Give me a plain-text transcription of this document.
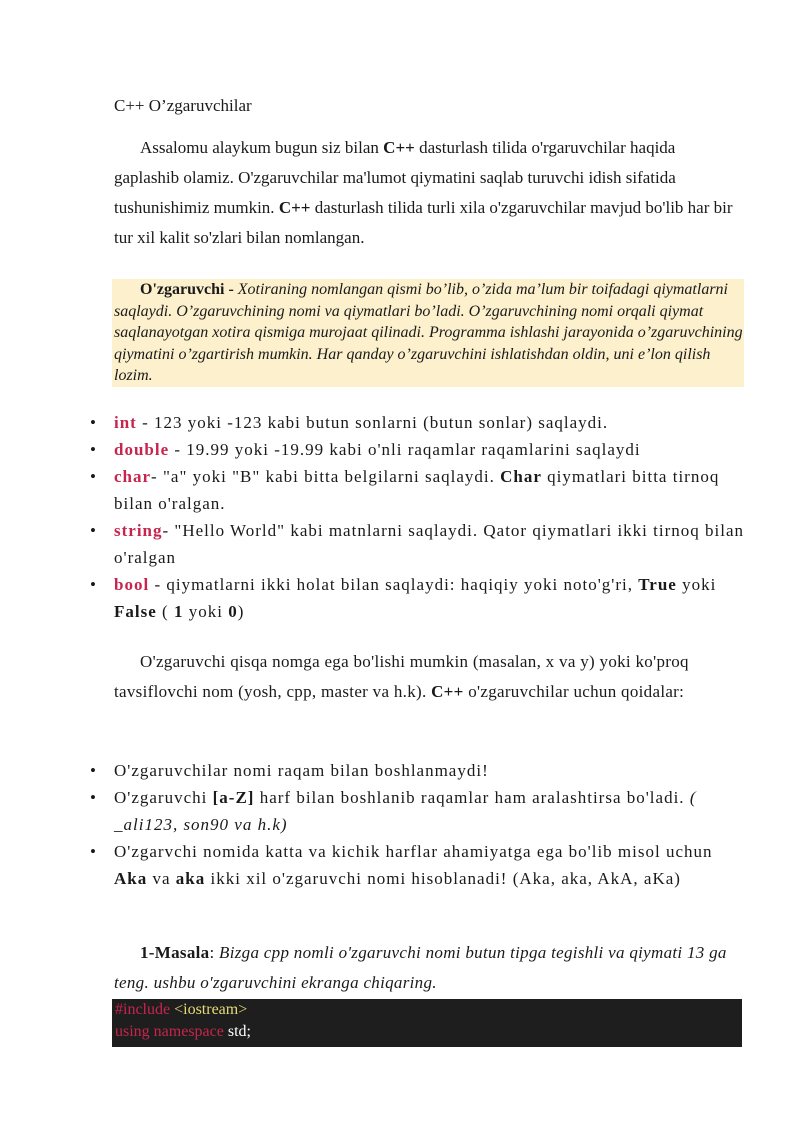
C++ O’zgaruvchilar
Assalomu alaykum bugun siz bilan C++ dasturlash tilida o'rgaruvchilar haqida gaplashib olamiz. O'zgaruvchilar ma'lumot qiymatini saqlab turuvchi idish sifatida tushunishimiz mumkin. C++ dasturlash tilida turli xila o'zgaruvchilar mavjud bo'lib har bir tur xil kalit so'zlari bilan nomlangan.
O'zgaruvchi - Xotiraning nomlangan qismi bo’lib, o’zida ma’lum bir toifadagi qiymatlarni saqlaydi. O’zgaruvchining nomi va qiymatlari bo’ladi. O’zgaruvchining nomi orqali qiymat saqlanayotgan xotira qismiga murojaat qilinadi. Programma ishlashi jarayonida o’zgaruvchining qiymatini o’zgartirish mumkin. Har qanday o’zgaruvchini ishlatishdan oldin, uni e’lon qilish lozim.
• int - 123 yoki -123 kabi butun sonlarni (butun sonlar) saqlaydi.
• double - 19.99 yoki -19.99 kabi o'nli raqamlar raqamlarini saqlaydi
• char- "a" yoki "B" kabi bitta belgilarni saqlaydi. Char qiymatlari bitta tirnoq bilan o'ralgan.
• string- "Hello World" kabi matnlarni saqlaydi. Qator qiymatlari ikki tirnoq bilan o'ralgan
• bool - qiymatlarni ikki holat bilan saqlaydi: haqiqiy yoki noto'g'ri, True yoki False ( 1 yoki 0)
O'zgaruvchi qisqa nomga ega bo'lishi mumkin (masalan, x va y) yoki ko'proq tavsiflovchi nom (yosh, cpp, master va h.k). C++ o'zgaruvchilar uchun qoidalar:
• O'zgaruvchilar nomi raqam bilan boshlanmaydi!
• O'zgaruvchi [a-Z] harf bilan boshlanib raqamlar ham aralashtirsa bo'ladi. ( _ali123, son90 va h.k)
• O'zgarvchi nomida katta va kichik harflar ahamiyatga ega bo'lib misol uchun Aka va aka ikki xil o'zgaruvchi nomi hisoblanadi! (Aka, aka, AkA, aKa)
1-Masala: Bizga cpp nomli o'zgaruvchi nomi butun tipga tegishli va qiymati 13 ga teng. ushbu o'zgaruvchini ekranga chiqaring.
#include <iostream>
using namespace std;
